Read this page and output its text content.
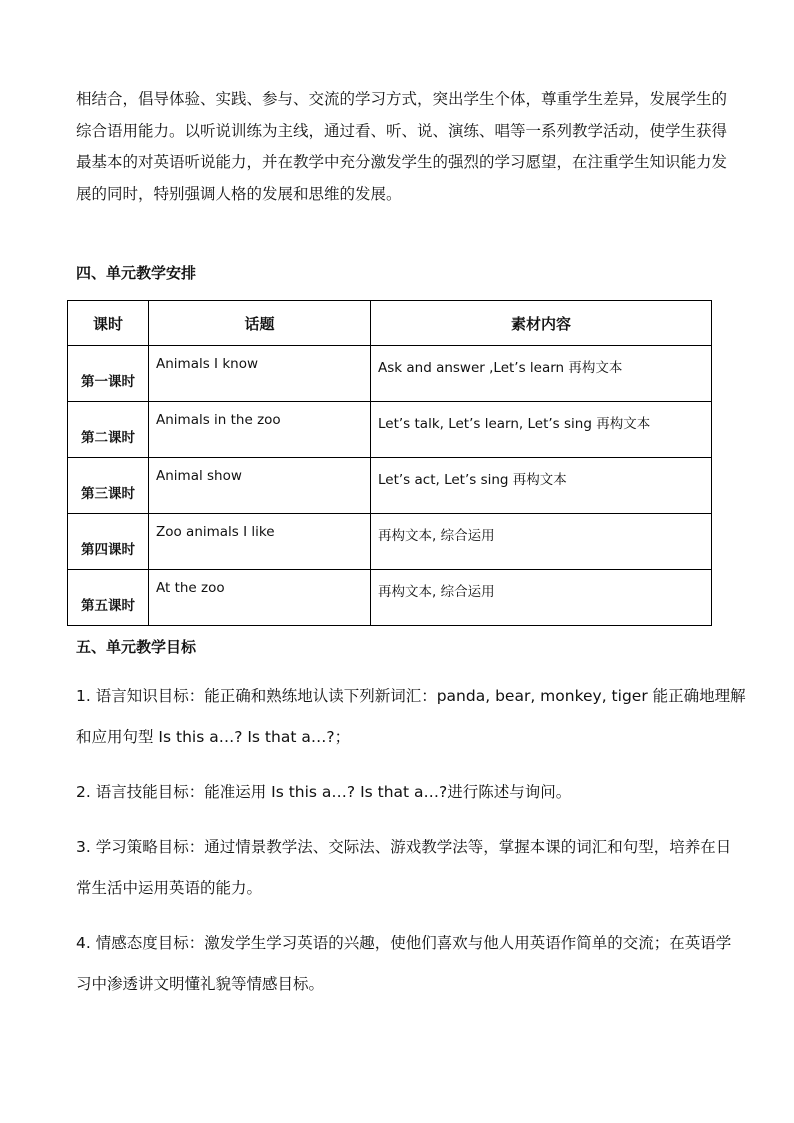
相结合，倡导体验、实践、参与、交流的学习方式，突出学生个体，尊重学生差异，发展学生的
综合语用能力。以听说训练为主线，通过看、听、说、演练、唱等一系列教学活动，使学生获得
最基本的对英语听说能力，并在教学中充分激发学生的强烈的学习愿望，在注重学生知识能力发
展的同时，特别强调人格的发展和思维的发展。

四、单元教学安排
课时	话题	素材内容
第一课时	Animals I know	Ask and answer ,Let’s learn 再构文本

第二课时	Animals in the zoo	Let’s talk, Let’s learn, Let’s sing 再构文本

第三课时	Animal show	Let’s act, Let’s sing 再构文本

第四课时	Zoo animals I like	再构文本, 综合运用

第五课时	At the zoo	再构文本, 综合运用
五、单元教学目标

1. 语言知识目标：能正确和熟练地认读下列新词汇：panda, bear, monkey, tiger 能正确地理解
和应用句型 Is this a…? Is that a…?；

2. 语言技能目标：能准运用 Is this a…? Is that a…?进行陈述与询问。

3. 学习策略目标：通过情景教学法、交际法、游戏教学法等，掌握本课的词汇和句型，培养在日
常生活中运用英语的能力。

4. 情感态度目标：激发学生学习英语的兴趣，使他们喜欢与他人用英语作简单的交流；在英语学
习中渗透讲文明懂礼貌等情感目标。
